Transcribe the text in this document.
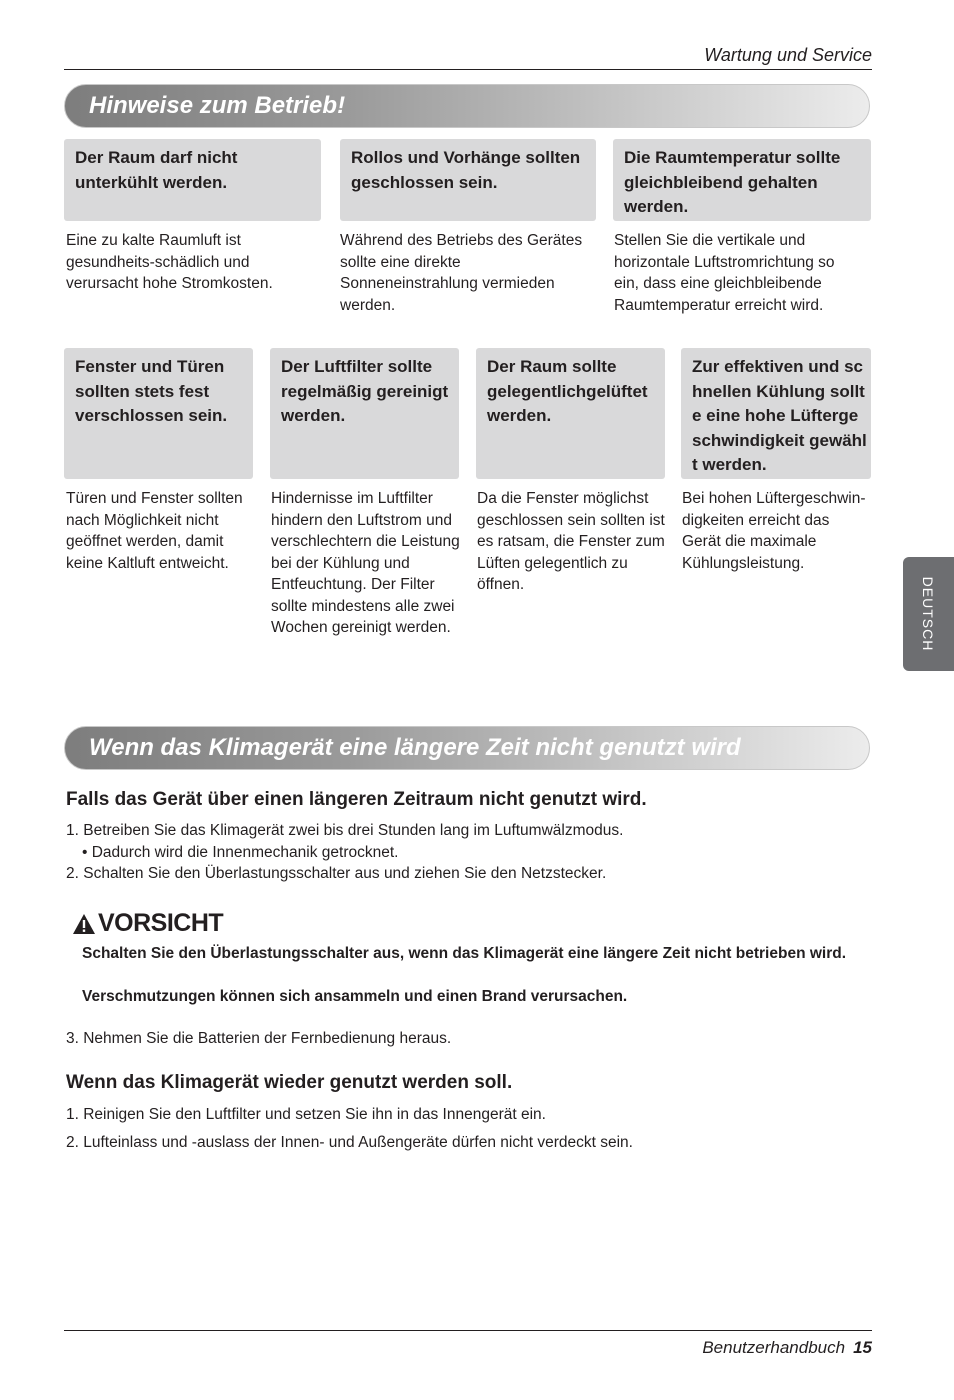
Wartung und Service
Hinweise zum Betrieb!
Der Raum darf nicht unterkühlt werden.
Eine zu kalte Raumluft ist gesundheits-schädlich und verursacht hohe Stromkosten.
Rollos und Vorhänge sollten geschlossen sein.
Während des Betriebs des Gerätes sollte eine direkte Sonneneinstrahlung vermieden werden.
Die Raumtemperatur sollte gleichbleibend gehalten werden.
Stellen Sie die vertikale und horizontale Luftstromrichtung so ein, dass eine gleichbleibende Raumtemperatur erreicht wird.
Fenster und Türen sollten stets fest verschlossen sein.
Türen und Fenster sollten nach Möglichkeit nicht geöffnet werden, damit keine Kaltluft entweicht.
Der Luftfilter sollte regelmäßig gereinigt werden.
Hindernisse im Luftfilter hindern den Luftstrom und verschlechtern die Leistung bei der Kühlung und Entfeuchtung. Der Filter sollte mindestens alle zwei Wochen gereinigt werden.
Der Raum sollte gelegentlichgelüftet werden.
Da die Fenster möglichst geschlossen sein sollten ist es ratsam, die Fenster zum Lüften gelegentlich zu öffnen.
Zur effektiven und schnellen Kühlung sollte eine hohe Lüftergeschwindigkeit gewählt werden.
Bei hohen Lüftergeschwin-digkeiten erreicht das Gerät die maximale Kühlungsleistung.
DEUTSCH
Wenn das Klimagerät eine längere Zeit nicht genutzt wird
Falls das Gerät über einen längeren Zeitraum nicht genutzt wird.
1. Betreiben Sie das Klimagerät zwei bis drei Stunden lang im Luftumwälzmodus.
• Dadurch wird die Innenmechanik getrocknet.
2. Schalten Sie den Überlastungsschalter aus und ziehen Sie den Netzstecker.
VORSICHT
Schalten Sie den Überlastungsschalter aus, wenn das Klimagerät eine längere Zeit nicht betrieben wird.
Verschmutzungen können sich ansammeln und einen Brand verursachen.
3. Nehmen Sie die Batterien der Fernbedienung heraus.
Wenn das Klimagerät wieder genutzt werden soll.
1. Reinigen Sie den Luftfilter und setzen Sie ihn in das Innengerät ein.
2. Lufteinlass und -auslass der Innen- und Außengeräte dürfen nicht verdeckt sein.
Benutzerhandbuch 15
